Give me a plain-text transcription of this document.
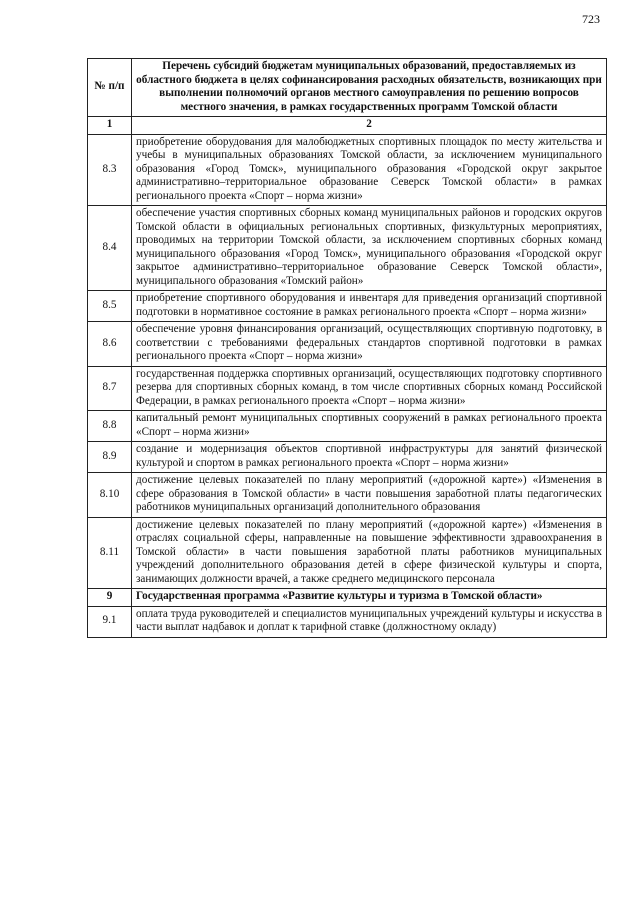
723
№ п/п	Перечень субсидий бюджетам муниципальных образований, предоставляемых из областного бюджета в целях софинансирования расходных обязательств, возникающих при выполнении полномочий органов местного самоуправления по решению вопросов местного значения, в рамках государственных программ Томской области
1	2
8.3	приобретение оборудования для малобюджетных спортивных площадок по месту жительства и учебы в муниципальных образованиях Томской области, за исключением муниципального образования «Город Томск», муниципального образования «Городской округ закрытое административно–территориальное образование Северск Томской области» в рамках регионального проекта «Спорт – норма жизни»
8.4	обеспечение участия спортивных сборных команд муниципальных районов и городских округов Томской области в официальных региональных спортивных, физкультурных мероприятиях, проводимых на территории Томской области, за исключением спортивных сборных команд муниципального образования «Город Томск», муниципального образования «Городской округ закрытое административно–территориальное образование Северск Томской области», муниципального образования «Томский район»
8.5	приобретение спортивного оборудования и инвентаря для приведения организаций спортивной подготовки в нормативное состояние в рамках регионального проекта «Спорт – норма жизни»
8.6	обеспечение уровня финансирования организаций, осуществляющих спортивную подготовку, в соответствии с требованиями федеральных стандартов спортивной подготовки в рамках регионального проекта «Спорт – норма жизни»
8.7	государственная поддержка спортивных организаций, осуществляющих подготовку спортивного резерва для спортивных сборных команд, в том числе спортивных сборных команд Российской Федерации, в рамках регионального проекта «Спорт – норма жизни»
8.8	капитальный ремонт муниципальных спортивных сооружений в рамках регионального проекта «Спорт – норма жизни»
8.9	создание и модернизация объектов спортивной инфраструктуры для занятий физической культурой и спортом в рамках регионального проекта «Спорт – норма жизни»
8.10	достижение целевых показателей по плану мероприятий («дорожной карте») «Изменения в сфере образования в Томской области» в части повышения заработной платы педагогических работников муниципальных организаций дополнительного образования
8.11	достижение целевых показателей по плану мероприятий («дорожной карте») «Изменения в отраслях социальной сферы, направленные на повышение эффективности здравоохранения в Томской области» в части повышения заработной платы работников муниципальных учреждений дополнительного образования детей в сфере физической культуры и спорта, занимающих должности врачей, а также среднего медицинского персонала
9	Государственная программа «Развитие культуры и туризма в Томской области»
9.1	оплата труда руководителей и специалистов муниципальных учреждений культуры и искусства в части выплат надбавок и доплат к тарифной ставке (должностному окладу)
